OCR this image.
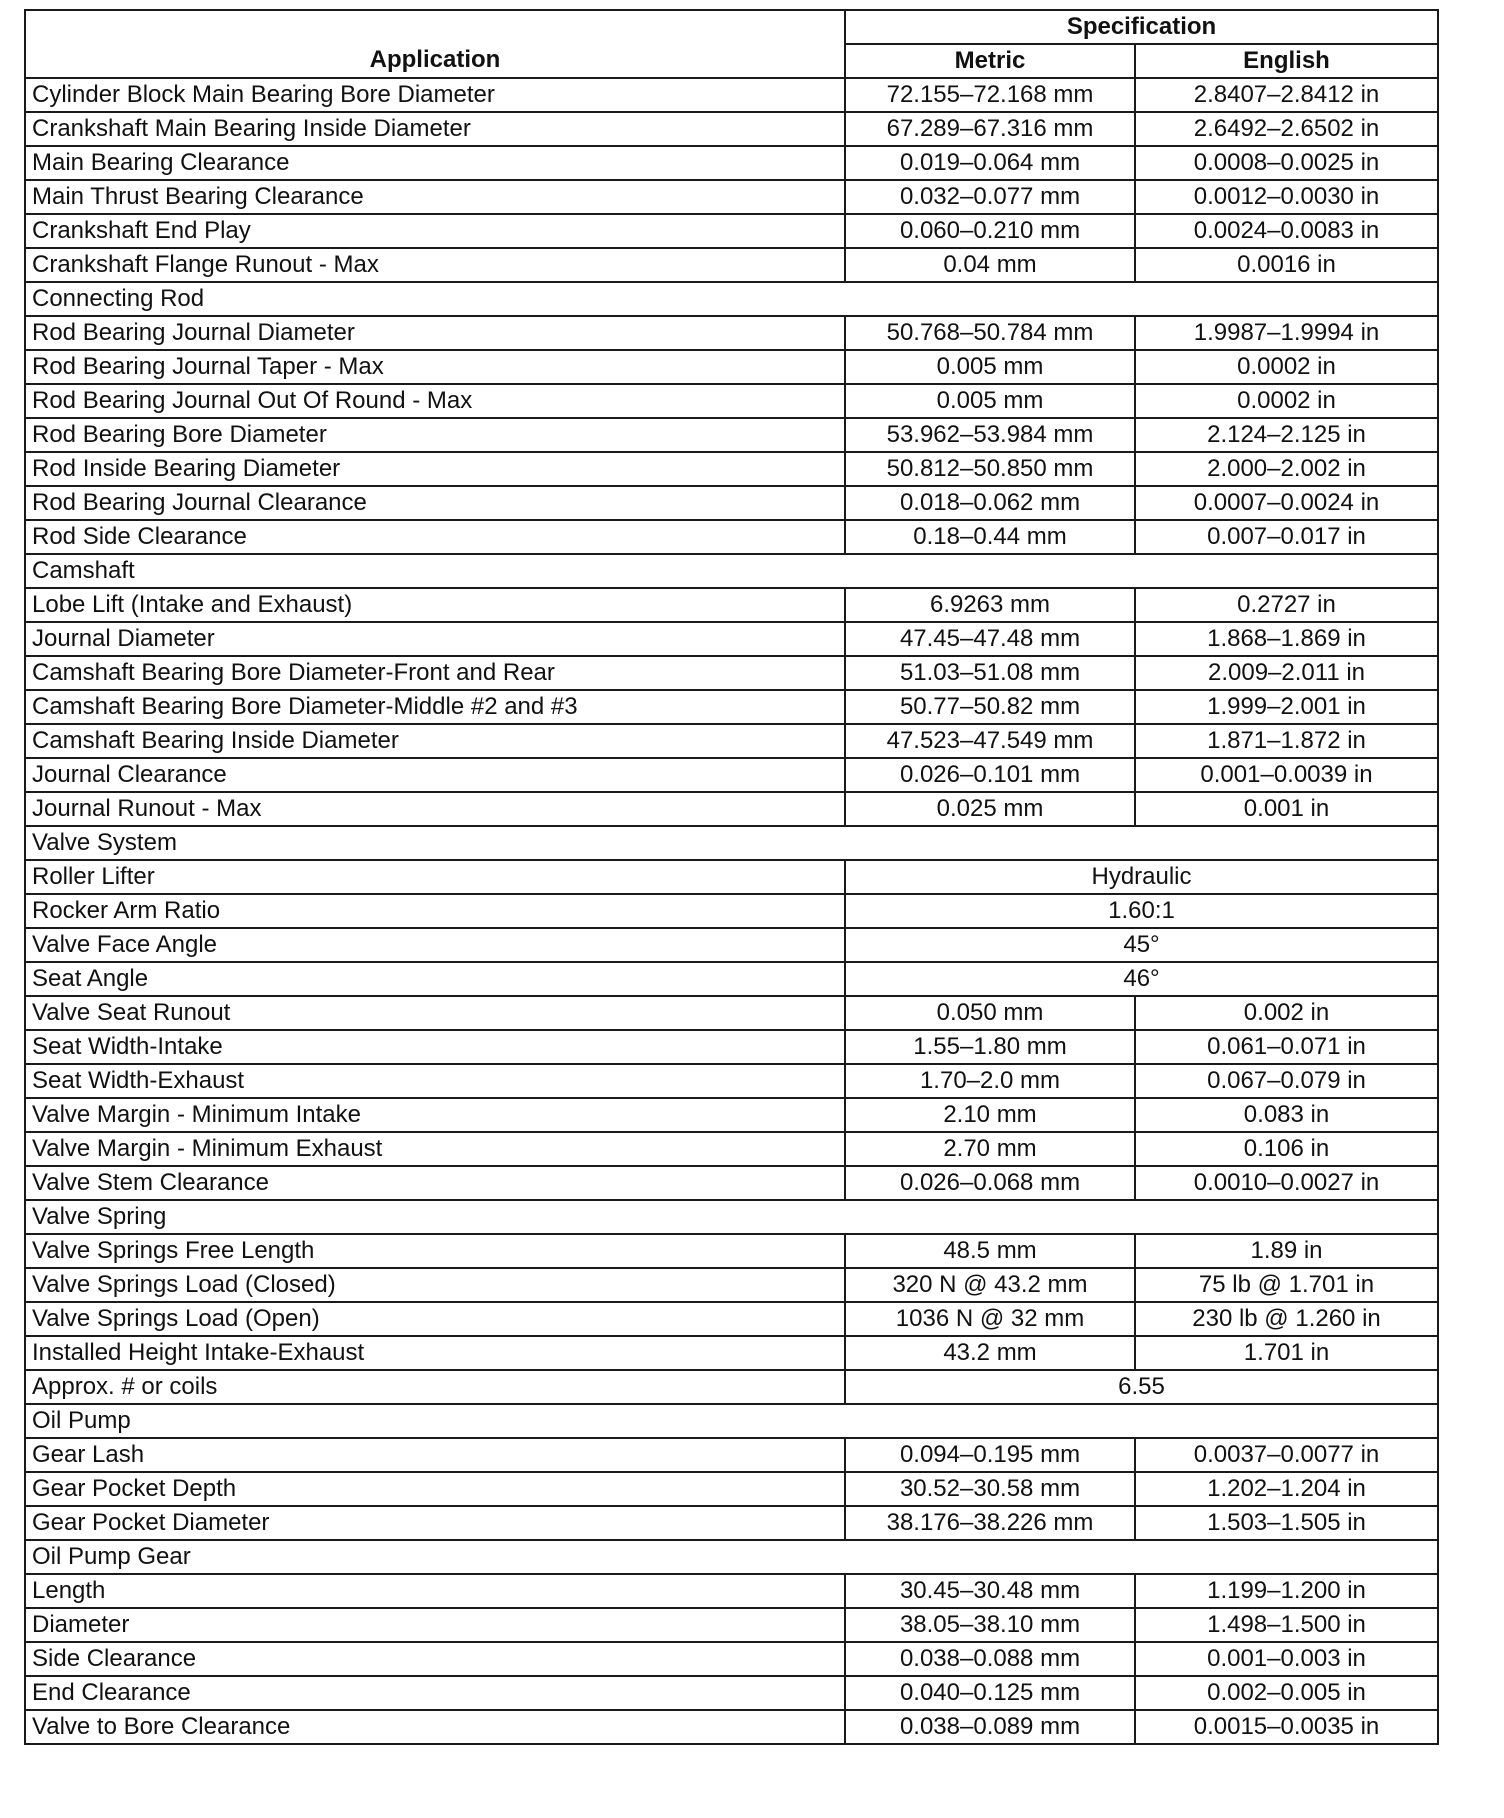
Application	Specification	
	Metric	English
Cylinder Block Main Bearing Bore Diameter	72.155–72.168 mm	2.8407–2.8412 in
Crankshaft Main Bearing Inside Diameter	67.289–67.316 mm	2.6492–2.6502 in
Main Bearing Clearance	0.019–0.064 mm	0.0008–0.0025 in
Main Thrust Bearing Clearance	0.032–0.077 mm	0.0012–0.0030 in
Crankshaft End Play	0.060–0.210 mm	0.0024–0.0083 in
Crankshaft Flange Runout - Max	0.04 mm	0.0016 in
Connecting Rod		
Rod Bearing Journal Diameter	50.768–50.784 mm	1.9987–1.9994 in
Rod Bearing Journal Taper - Max	0.005 mm	0.0002 in
Rod Bearing Journal Out Of Round - Max	0.005 mm	0.0002 in
Rod Bearing Bore Diameter	53.962–53.984 mm	2.124–2.125 in
Rod Inside Bearing Diameter	50.812–50.850 mm	2.000–2.002 in
Rod Bearing Journal Clearance	0.018–0.062 mm	0.0007–0.0024 in
Rod Side Clearance	0.18–0.44 mm	0.007–0.017 in
Camshaft		
Lobe Lift (Intake and Exhaust)	6.9263 mm	0.2727 in
Journal Diameter	47.45–47.48 mm	1.868–1.869 in
Camshaft Bearing Bore Diameter-Front and Rear	51.03–51.08 mm	2.009–2.011 in
Camshaft Bearing Bore Diameter-Middle #2 and #3	50.77–50.82 mm	1.999–2.001 in
Camshaft Bearing Inside Diameter	47.523–47.549 mm	1.871–1.872 in
Journal Clearance	0.026–0.101 mm	0.001–0.0039 in
Journal Runout - Max	0.025 mm	0.001 in
Valve System		
Roller Lifter	Hydraulic	
Rocker Arm Ratio	1.60:1	
Valve Face Angle	45°	
Seat Angle	46°	
Valve Seat Runout	0.050 mm	0.002 in
Seat Width-Intake	1.55–1.80 mm	0.061–0.071 in
Seat Width-Exhaust	1.70–2.0 mm	0.067–0.079 in
Valve Margin - Minimum Intake	2.10 mm	0.083 in
Valve Margin - Minimum Exhaust	2.70 mm	0.106 in
Valve Stem Clearance	0.026–0.068 mm	0.0010–0.0027 in
Valve Spring		
Valve Springs Free Length	48.5 mm	1.89 in
Valve Springs Load (Closed)	320 N @ 43.2 mm	75 lb @ 1.701 in
Valve Springs Load (Open)	1036 N @ 32 mm	230 lb @ 1.260 in
Installed Height Intake-Exhaust	43.2 mm	1.701 in
Approx. # or coils	6.55	
Oil Pump		
Gear Lash	0.094–0.195 mm	0.0037–0.0077 in
Gear Pocket Depth	30.52–30.58 mm	1.202–1.204 in
Gear Pocket Diameter	38.176–38.226 mm	1.503–1.505 in
Oil Pump Gear		
Length	30.45–30.48 mm	1.199–1.200 in
Diameter	38.05–38.10 mm	1.498–1.500 in
Side Clearance	0.038–0.088 mm	0.001–0.003 in
End Clearance	0.040–0.125 mm	0.002–0.005 in
Valve to Bore Clearance	0.038–0.089 mm	0.0015–0.0035 in
